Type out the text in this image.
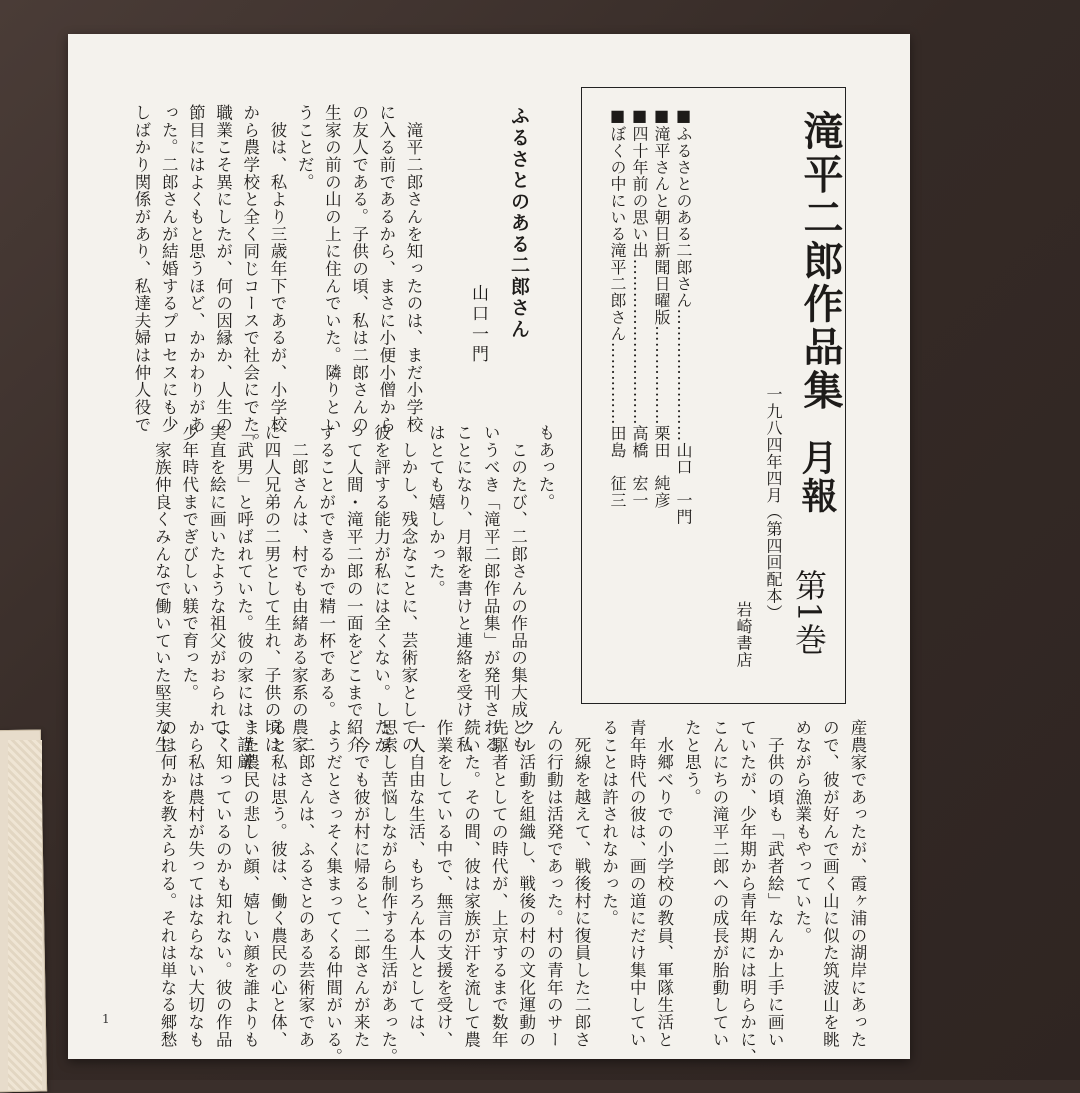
滝平二郎作品集
月報
第1巻
一九八四年四月（第四回配本）
岩崎書店
■ふるさとのある二郎さん……………………山口　一門
■滝平さんと朝日新聞日曜版………………栗田　純彦
■四十年前の思い出…………………………高橋　宏一
■ぼくの中にいる滝平二郎さん……………田島　征三
ふるさとのある二郎さん
山口一門
　滝平二郎さんを知ったのは、まだ小学校
に入る前であるから、まさに小便小僧から
の友人である。子供の頃、私は二郎さんの
生家の前の山の上に住んでいた。隣りとい
うことだ。
　彼は、私より三歳年下であるが、小学校
から農学校と全く同じコースで社会にでた。
職業こそ異にしたが、何の因縁か、人生の
節目にはよくもと思うほど、かかわりがあ
った。二郎さんが結婚するプロセスにも少
しばかり関係があり、私達夫婦は仲人役で
もあった。
　このたび、二郎さんの作品の集大成とも
いうべき「滝平二郎作品集」が発刊される
ことになり、月報を書けと連絡を受け、私
はとても嬉しかった。
　しかし、残念なことに、芸術家としての
彼を評する能力が私には全くない。したが
って人間・滝平二郎の一面をどこまで紹介
することができるかで精一杯である。
　二郎さんは、村でも由緒ある家系の農家
に四人兄弟の二男として生れ、子供の頃は
「武男」と呼ばれていた。彼の家には、謹厳
実直を絵に画いたような祖父がおられて、
少年時代までぎびしい躾で育った。
　家族仲良くみんなで働いていた堅実な生
産農家であったが、霞ヶ浦の湖岸にあった
ので、彼が好んで画く山に似た筑波山を眺
めながら漁業もやっていた。
　子供の頃も「武者絵」なんか上手に画い
ていたが、少年期から青年期には明らかに、
こんにちの滝平二郎への成長が胎動してい
たと思う。
　水郷べりでの小学校の教員、軍隊生活と
青年時代の彼は、画の道にだけ集中してい
ることは許されなかった。
　死線を越えて、戦後村に復員した二郎さ
んの行動は活発であった。村の青年のサー
クル活動を組織し、戦後の村の文化運動の
先駆者としての時代が、上京するまで数年
続いた。その間、彼は家族が汗を流して農
作業をしている中で、無言の支援を受け、
一人自由な生活、もちろん本人としては、
思索し苦悩しながら制作する生活があった。
　今でも彼が村に帰ると、二郎さんが来た
ようだとさっそく集まってくる仲間がいる。
　二郎さんは、ふるさとのある芸術家であ
ると私は思う。彼は、働く農民の心と体、
また農民の悲しい顔、嬉しい顔を誰よりも
よく知っているのかも知れない。彼の作品
から私は農村が失ってはならない大切なも
のは何かを教えられる。それは単なる郷愁
1
